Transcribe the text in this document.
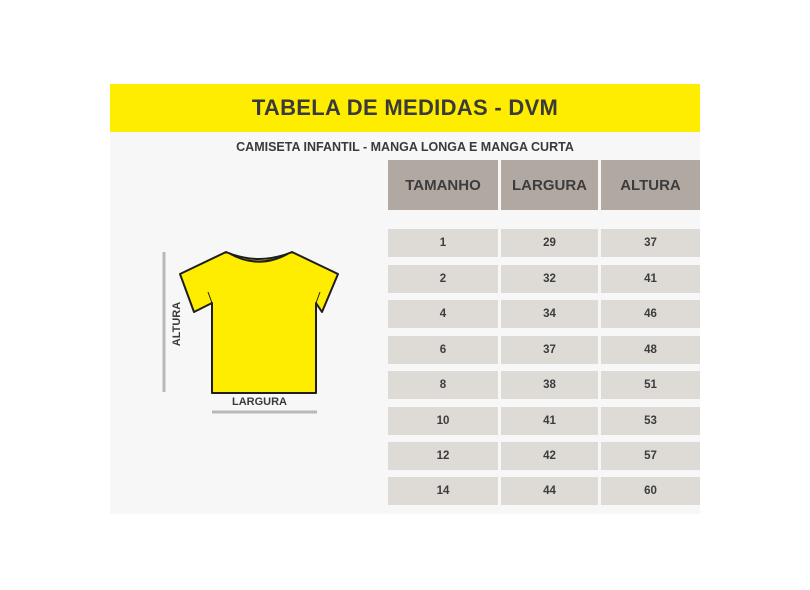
TABELA DE MEDIDAS - DVM
CAMISETA INFANTIL - MANGA LONGA E MANGA CURTA
ALTURA
LARGURA
TAMANHO	LARGURA	ALTURA
1	29	37
2	32	41
4	34	46
6	37	48
8	38	51
10	41	53
12	42	57
14	44	60
